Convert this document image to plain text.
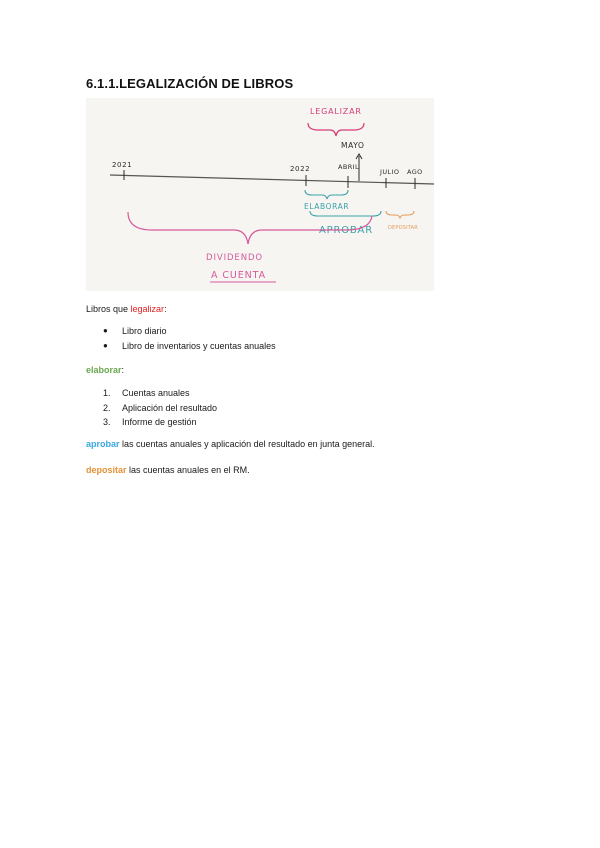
6.1.1.LEGALIZACIÓN DE LIBROS
LEGALIZAR
MAYO
2021	2022	ABRIL
JULIO AGO
ELABORAR
APROBAR	DEPOSITAR
DIVIDENDO
A CUENTA
Libros que legalizar:
● Libro diario
● Libro de inventarios y cuentas anuales
elaborar:
1. Cuentas anuales
2. Aplicación del resultado
3. Informe de gestión
aprobar las cuentas anuales y aplicación del resultado en junta general.
depositar las cuentas anuales en el RM.
